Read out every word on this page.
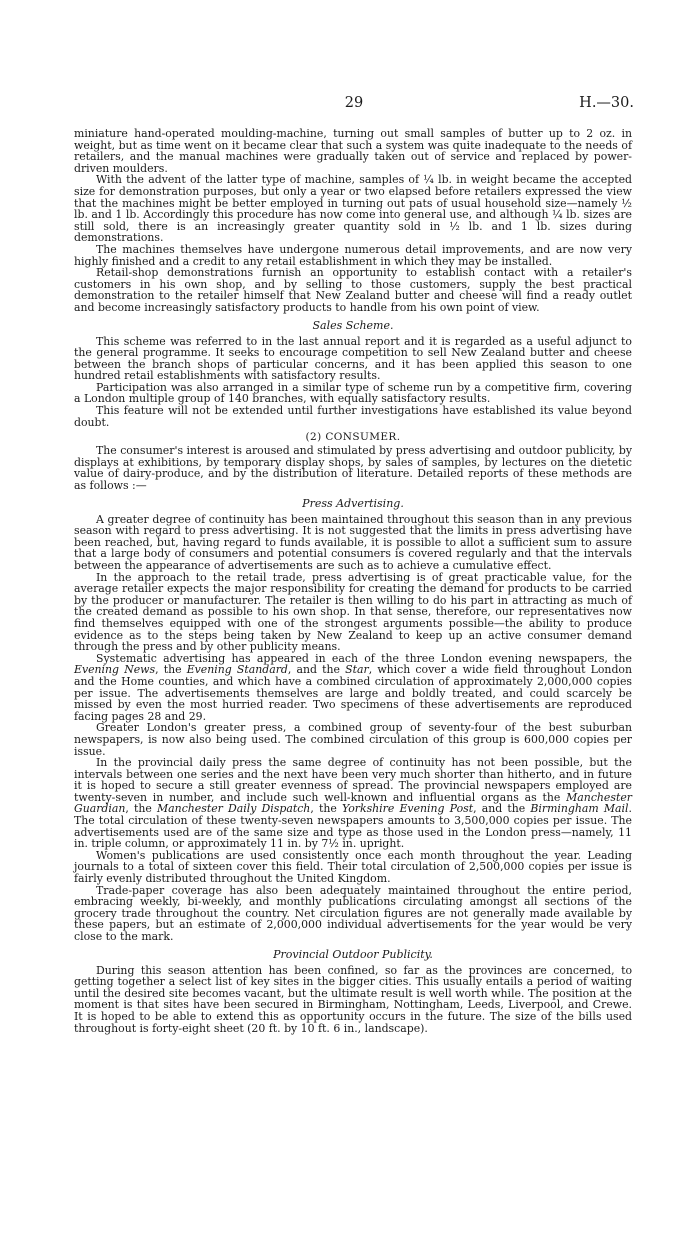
29	H.—30.

miniature hand-operated moulding-machine, turning out small samples of butter up to 2 oz. in weight, but as time went on it became clear that such a system was quite inadequate to the needs of retailers, and the manual machines were gradually taken out of service and replaced by power-driven moulders.

With the advent of the latter type of machine, samples of ¼ lb. in weight became the accepted size for demonstration purposes, but only a year or two elapsed before retailers expressed the view that the machines might be better employed in turning out pats of usual household size—namely ½ lb. and 1 lb. Accordingly this procedure has now come into general use, and although ¼ lb. sizes are still sold, there is an increasingly greater quantity sold in ½ lb. and 1 lb. sizes during demonstrations.

The machines themselves have undergone numerous detail improvements, and are now very highly finished and a credit to any retail establishment in which they may be installed.

Retail-shop demonstrations furnish an opportunity to establish contact with a retailer's customers in his own shop, and by selling to those customers, supply the best practical demonstration to the retailer himself that New Zealand butter and cheese will find a ready outlet and become increasingly satisfactory products to handle from his own point of view.

Sales Scheme.

This scheme was referred to in the last annual report and it is regarded as a useful adjunct to the general programme. It seeks to encourage competition to sell New Zealand butter and cheese between the branch shops of particular concerns, and it has been applied this season to one hundred retail establishments with satisfactory results.

Participation was also arranged in a similar type of scheme run by a competitive firm, covering a London multiple group of 140 branches, with equally satisfactory results.

This feature will not be extended until further investigations have established its value beyond doubt.

(2) CONSUMER.

The consumer's interest is aroused and stimulated by press advertising and outdoor publicity, by displays at exhibitions, by temporary display shops, by sales of samples, by lectures on the dietetic value of dairy-produce, and by the distribution of literature. Detailed reports of these methods are as follows :—

Press Advertising.

A greater degree of continuity has been maintained throughout this season than in any previous season with regard to press advertising. It is not suggested that the limits in press advertising have been reached, but, having regard to funds available, it is possible to allot a sufficient sum to assure that a large body of consumers and potential consumers is covered regularly and that the intervals between the appearance of advertisements are such as to achieve a cumulative effect.

In the approach to the retail trade, press advertising is of great practicable value, for the average retailer expects the major responsibility for creating the demand for products to be carried by the producer or manufacturer. The retailer is then willing to do his part in attracting as much of the created demand as possible to his own shop. In that sense, therefore, our representatives now find themselves equipped with one of the strongest arguments possible—the ability to produce evidence as to the steps being taken by New Zealand to keep up an active consumer demand through the press and by other publicity means.

Systematic advertising has appeared in each of the three London evening newspapers, the Evening News, the Evening Standard, and the Star, which cover a wide field throughout London and the Home counties, and which have a combined circulation of approximately 2,000,000 copies per issue. The advertisements themselves are large and boldly treated, and could scarcely be missed by even the most hurried reader. Two specimens of these advertisements are reproduced facing pages 28 and 29.

Greater London's greater press, a combined group of seventy-four of the best suburban newspapers, is now also being used. The combined circulation of this group is 600,000 copies per issue.

In the provincial daily press the same degree of continuity has not been possible, but the intervals between one series and the next have been very much shorter than hitherto, and in future it is hoped to secure a still greater evenness of spread. The provincial newspapers employed are twenty-seven in number, and include such well-known and influential organs as the Manchester Guardian, the Manchester Daily Dispatch, the Yorkshire Evening Post, and the Birmingham Mail. The total circulation of these twenty-seven newspapers amounts to 3,500,000 copies per issue. The advertisements used are of the same size and type as those used in the London press—namely, 11 in. triple column, or approximately 11 in. by 7½ in. upright.

Women's publications are used consistently once each month throughout the year. Leading journals to a total of sixteen cover this field. Their total circulation of 2,500,000 copies per issue is fairly evenly distributed throughout the United Kingdom.

Trade-paper coverage has also been adequately maintained throughout the entire period, embracing weekly, bi-weekly, and monthly publications circulating amongst all sections of the grocery trade throughout the country. Net circulation figures are not generally made available by these papers, but an estimate of 2,000,000 individual advertisements for the year would be very close to the mark.

Provincial Outdoor Publicity.

During this season attention has been confined, so far as the provinces are concerned, to getting together a select list of key sites in the bigger cities. This usually entails a period of waiting until the desired site becomes vacant, but the ultimate result is well worth while. The position at the moment is that sites have been secured in Birmingham, Nottingham, Leeds, Liverpool, and Crewe. It is hoped to be able to extend this as opportunity occurs in the future. The size of the bills used throughout is forty-eight sheet (20 ft. by 10 ft. 6 in., landscape).
